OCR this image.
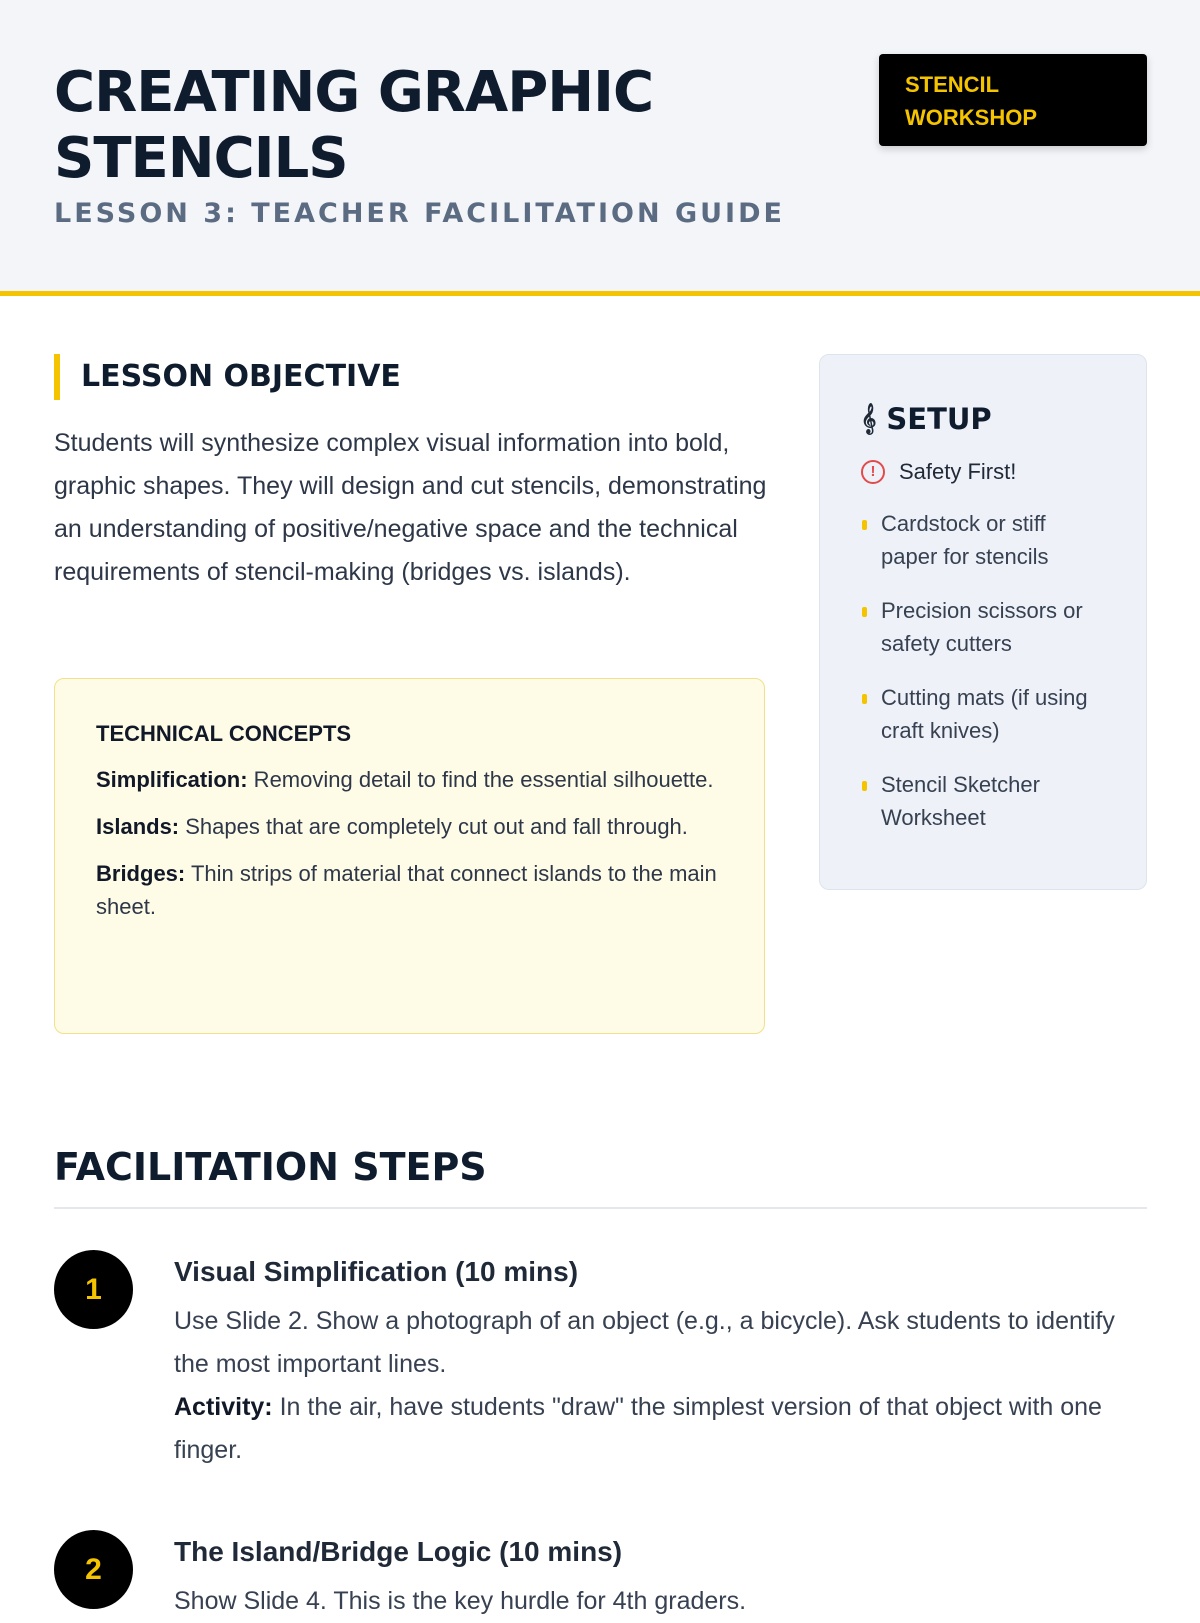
CREATING GRAPHIC STENCILS
LESSON 3: TEACHER FACILITATION GUIDE
STENCIL
WORKSHOP
LESSON OBJECTIVE

Students will synthesize complex visual information into bold, graphic shapes. They will design and cut stencils, demonstrating an understanding of positive/negative space and the technical requirements of stencil-making (bridges vs. islands).

TECHNICAL CONCEPTS

Simplification: Removing detail to find the essential silhouette.

Islands: Shapes that are completely cut out and fall through.

Bridges: Thin strips of material that connect islands to the main sheet.

𝄞 SETUP
!	Safety First!
Cardstock or stiff paper for stencils
Precision scissors or safety cutters
Cutting mats (if using craft knives)
Stencil Sketcher Worksheet
FACILITATION STEPS
1
Visual Simplification (10 mins)

Use Slide 2. Show a photograph of an object (e.g., a bicycle). Ask students to identify the most important lines.

Activity: In the air, have students "draw" the simplest version of that object with one finger.

2
The Island/Bridge Logic (10 mins)

Show Slide 4. This is the key hurdle for 4th graders.
